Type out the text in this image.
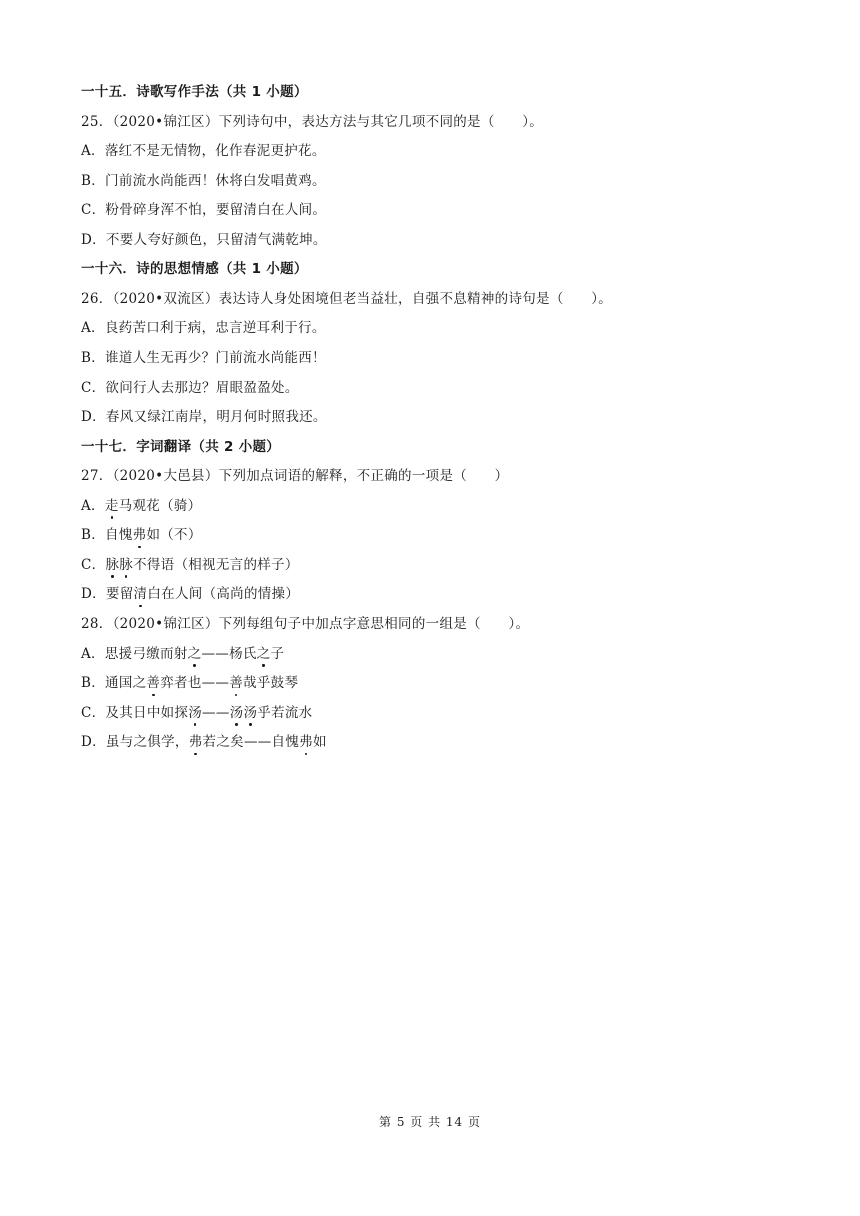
一十五．诗歌写作手法（共 1 小题）
25．（2020•锦江区）下列诗句中，表达方法与其它几项不同的是（　　）。
A．落红不是无情物，化作春泥更护花。
B．门前流水尚能西！休将白发唱黄鸡。
C．粉骨碎身浑不怕，要留清白在人间。
D．不要人夸好颜色，只留清气满乾坤。
一十六．诗的思想情感（共 1 小题）
26．（2020•双流区）表达诗人身处困境但老当益壮，自强不息精神的诗句是（　　）。
A．良药苦口利于病，忠言逆耳利于行。
B．谁道人生无再少？门前流水尚能西！
C．欲问行人去那边？眉眼盈盈处。
D．春风又绿江南岸，明月何时照我还。
一十七．字词翻译（共 2 小题）
27．（2020•大邑县）下列加点词语的解释，不正确的一项是（　　）
A．走马观花（骑）
B．自愧弗如（不）
C．脉脉不得语（相视无言的样子）
D．要留清白在人间（高尚的情操）
28．（2020•锦江区）下列每组句子中加点字意思相同的一组是（　　）。
A．思援弓缴而射之——杨氏之子
B．通国之善弈者也——善哉乎鼓琴
C．及其日中如探汤——汤汤乎若流水
D．虽与之俱学，弗若之矣——自愧弗如
第 5 页 共 14 页
